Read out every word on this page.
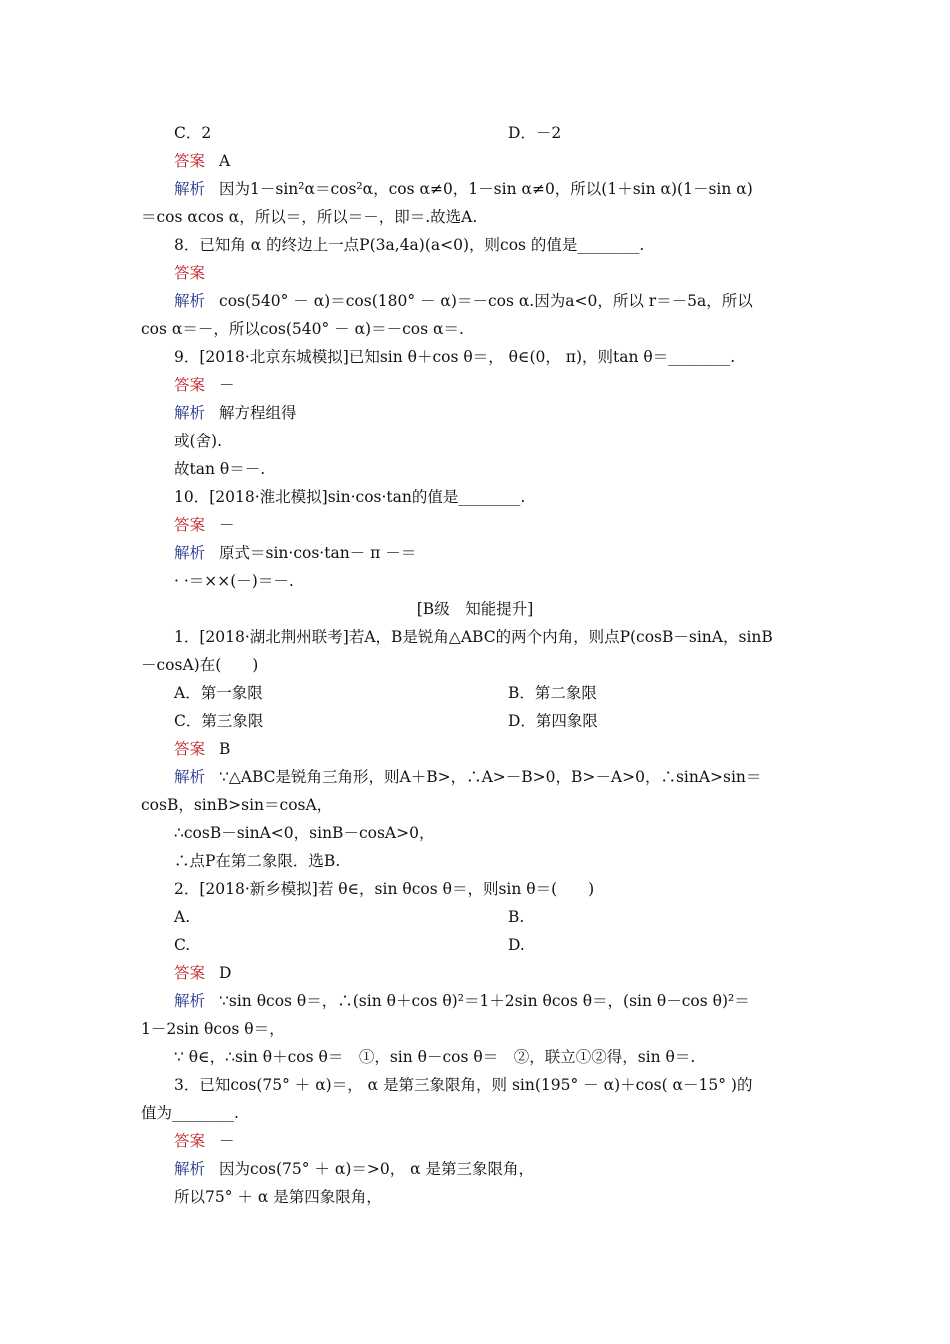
C．2	D．－2
答案 A
解析 因为1－sin²α＝cos²α，cos α≠0，1－sin α≠0，所以(1＋sin α)(1－sin α)
＝cos αcos α，所以＝，所以＝－，即＝.故选A.
8．已知角 α 的终边上一点P(3a,4a)(a<0)，则cos 的值是________.
答案
解析 cos(540° － α)＝cos(180° － α)＝－cos α.因为a<0，所以 r＝－5a，所以
cos α＝－，所以cos(540° － α)＝－cos α＝.
9．[2018·北京东城模拟]已知sin θ＋cos θ＝， θ∈(0， π)，则tan θ＝________.
答案 －
解析 解方程组得
或(舍).
故tan θ＝－.
10．[2018·淮北模拟]sin·cos·tan的值是________.
答案 －
解析 原式＝sin·cos·tan－ π －＝
· ·＝××(－)＝－.
[B级　知能提升]
1．[2018·湖北荆州联考]若A，B是锐角△ABC的两个内角，则点P(cosB－sinA，sinB
－cosA)在(　　)
A．第一象限	B．第二象限
C．第三象限	D．第四象限
答案 B
解析 ∵△ABC是锐角三角形，则A＋B>，∴A>－B>0，B>－A>0，∴sinA>sin＝
cosB，sinB>sin＝cosA，
∴cosB－sinA<0，sinB－cosA>0，
∴点P在第二象限．选B.
2．[2018·新乡模拟]若 θ∈，sin θcos θ＝，则sin θ＝(　　)
A.	B.
C.	D.
答案 D
解析 ∵sin θcos θ＝，∴(sin θ＋cos θ)²＝1＋2sin θcos θ＝，(sin θ－cos θ)²＝
1－2sin θcos θ＝，
∵ θ∈，∴sin θ＋cos θ＝　①，sin θ－cos θ＝　②，联立①②得，sin θ＝.
3．已知cos(75° ＋ α)＝， α 是第三象限角，则 sin(195° － α)＋cos( α－15° )的
值为________.
答案 －
解析 因为cos(75° ＋ α)＝>0， α 是第三象限角，
所以75° ＋ α 是第四象限角，
